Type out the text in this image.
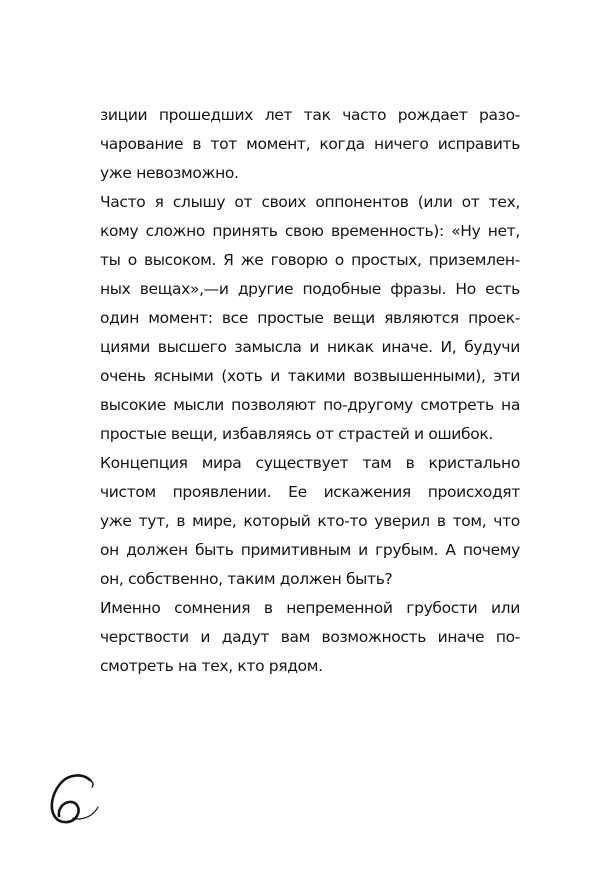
зиции прошедших лет так часто рождает разо-
чарование в тот момент, когда ничего исправить
уже невозможно.
Часто я слышу от своих оппонентов (или от тех,
кому сложно принять свою временность): «Ну нет,
ты о высоком. Я же говорю о простых, приземлен-
ных вещах»,—и другие подобные фразы. Но есть
один момент: все простые вещи являются проек-
циями высшего замысла и никак иначе. И, будучи
очень ясными (хоть и такими возвышенными), эти
высокие мысли позволяют по-другому смотреть на
простые вещи, избавляясь от страстей и ошибок.
Концепция мира существует там в кристально
чистом проявлении. Ее искажения происходят
уже тут, в мире, который кто-то уверил в том, что
он должен быть примитивным и грубым. А почему
он, собственно, таким должен быть?
Именно сомнения в непременной грубости или
черствости и дадут вам возможность иначе по-
смотреть на тех, кто рядом.
